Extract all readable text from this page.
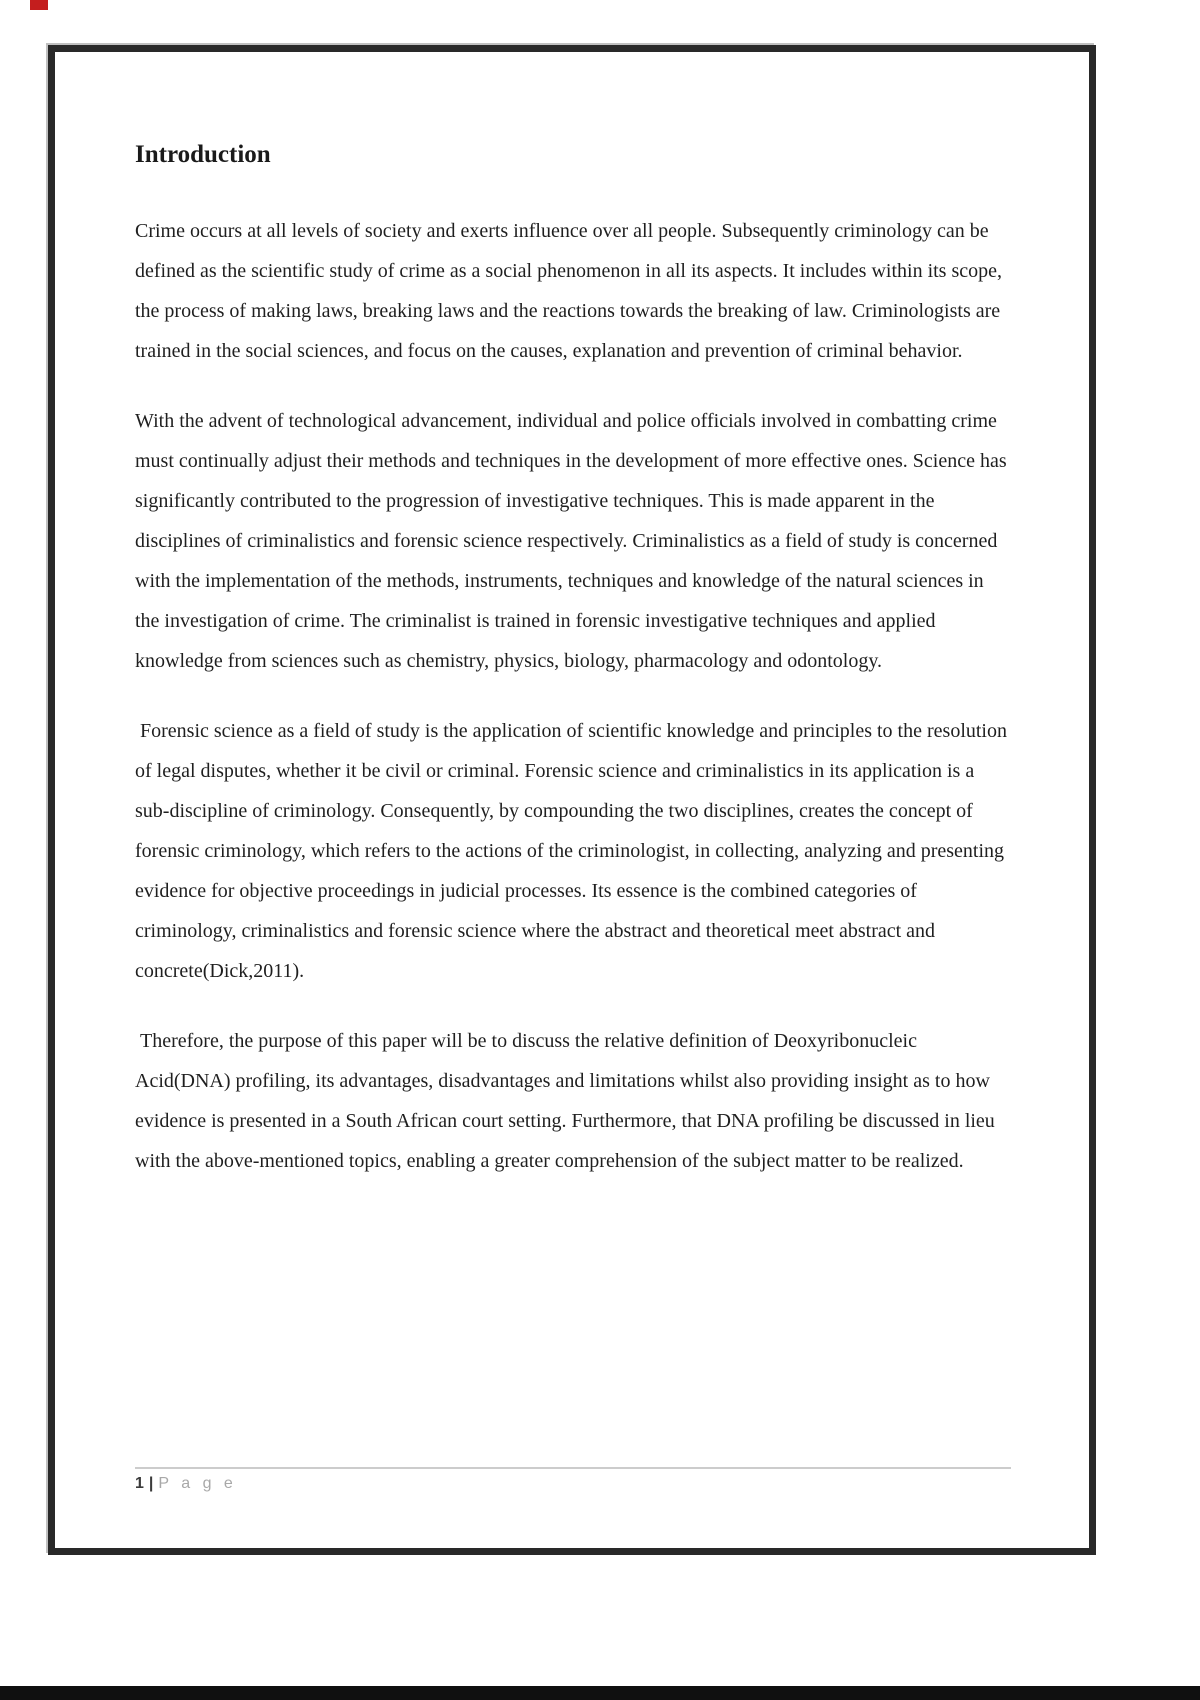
Introduction

Crime occurs at all levels of society and exerts influence over all people. Subsequently criminology can be defined as the scientific study of crime as a social phenomenon in all its aspects. It includes within its scope, the process of making laws, breaking laws and the reactions towards the breaking of law. Criminologists are trained in the social sciences, and focus on the causes, explanation and prevention of criminal behavior.

With the advent of technological advancement, individual and police officials involved in combatting crime must continually adjust their methods and techniques in the development of more effective ones. Science has significantly contributed to the progression of investigative techniques. This is made apparent in the disciplines of criminalistics and forensic science respectively. Criminalistics as a field of study is concerned with the implementation of the methods, instruments, techniques and knowledge of the natural sciences in the investigation of crime. The criminalist is trained in forensic investigative techniques and applied knowledge from sciences such as chemistry, physics, biology, pharmacology and odontology.

Forensic science as a field of study is the application of scientific knowledge and principles to the resolution of legal disputes, whether it be civil or criminal. Forensic science and criminalistics in its application is a sub-discipline of criminology. Consequently, by compounding the two disciplines, creates the concept of forensic criminology, which refers to the actions of the criminologist, in collecting, analyzing and presenting evidence for objective proceedings in judicial processes. Its essence is the combined categories of criminology, criminalistics and forensic science where the abstract and theoretical meet abstract and concrete(Dick,2011).

Therefore, the purpose of this paper will be to discuss the relative definition of Deoxyribonucleic Acid(DNA) profiling, its advantages, disadvantages and limitations whilst also providing insight as to how evidence is presented in a South African court setting. Furthermore, that DNA profiling be discussed in lieu with the above-mentioned topics, enabling a greater comprehension of the subject matter to be realized.

1 | P a g e
